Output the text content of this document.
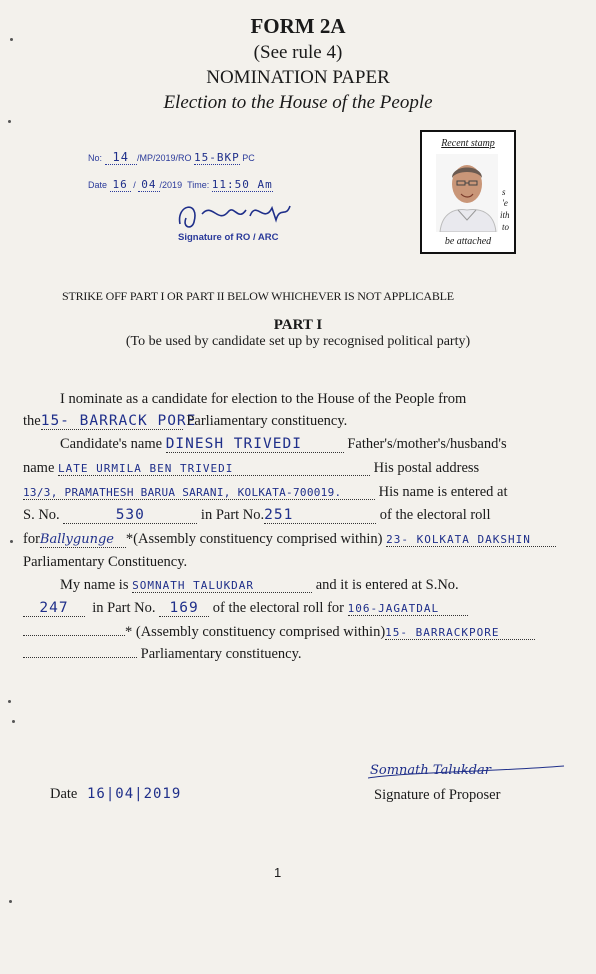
FORM 2A
(See rule 4)
NOMINATION PAPER
Election to the House of the People
No: 14 /MP/2019/RO 15-BKP PC
Date 16 / 04 /2019 Time: 11:50 Am
Signature of RO / ARC
Recent stamp
s
'e
ith
to
be attached
STRIKE OFF PART I OR PART II BELOW WHICHEVER IS NOT APPLICABLE
PART I
(To be used by candidate set up by recognised political party)
I nominate as a candidate for election to the House of the People from
the15- BARRACK PORE Parliamentary constituency.
Candidate's name DINESH TRIVEDI	Father's/mother's/husband's
name LATE URMILA BEN TRIVEDI	His postal address
13/3, PRAMATHESH BARUA SARANI, KOLKATA-700019.	His name is entered at
S. No.	530	in Part No.251	of the electoral roll
forBallygunge *(Assembly constituency comprised within) 23- KOLKATA DAKSHIN
Parliamentary Constituency.
My name is SOMNATH TALUKDAR	and it is entered at S.No.
247 in Part No. 169 of the electoral roll for 106-JAGATDAL
* (Assembly constituency comprised within)15- BARRACKPORE
Parliamentary constituency.
Somnath Talukdar
Date 16|04|2019	Signature of Proposer
1
